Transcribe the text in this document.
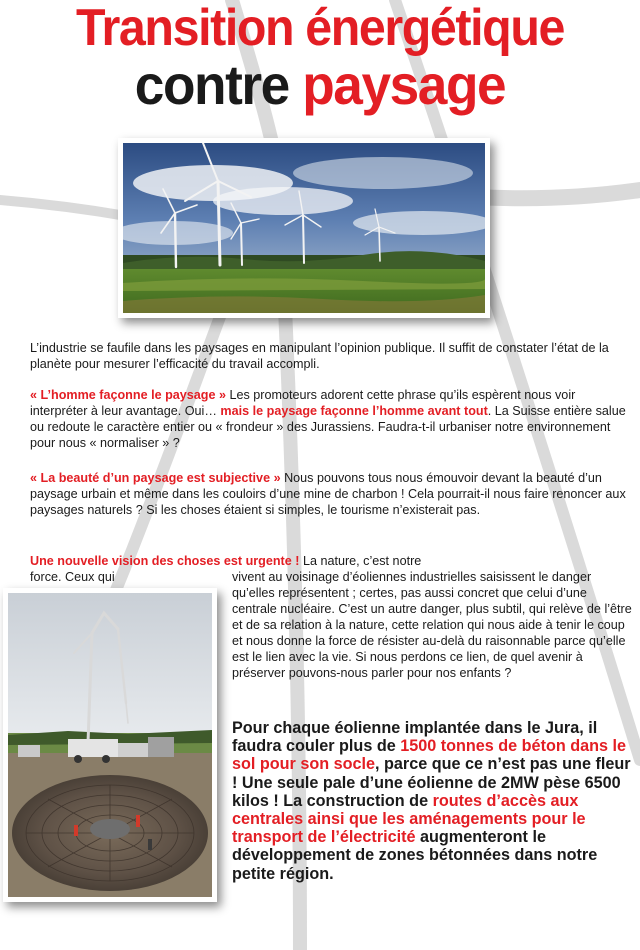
Transition énergétique
contre paysage

L’industrie se faufile dans les paysages en manipulant l’opinion publique. Il suffit de constater l’état de la planète pour mesurer l’efficacité du travail accompli.

« L’homme façonne le paysage » Les promoteurs adorent cette phrase qu’ils espèrent nous voir interpréter à leur avantage. Oui… mais le paysage façonne l’homme avant tout. La Suisse entière salue ou redoute le caractère entier ou « frondeur » des Jurassiens. Faudra-t-il urbaniser notre environnement pour nous « normaliser » ?

« La beauté d’un paysage est subjective » Nous pouvons tous nous émouvoir devant la beauté d’un paysage urbain et même dans les couloirs d’une mine de charbon ! Cela pourrait-il nous faire renoncer aux paysages naturels ? Si les choses étaient si simples, le tourisme n’existerait pas.

Une nouvelle vision des choses est urgente ! La nature, c’est notre force. Ceux qui	vivent au voisinage d’éoliennes industrielles saisissent le danger qu’elles représentent ; certes, pas aussi concret que celui d’une centrale nucléaire. C’est un autre danger, plus subtil, qui relève de l’être et de sa relation à la nature, cette relation qui nous aide à tenir le coup et nous donne la force de résister au-delà du raisonnable parce qu’elle est le lien avec la vie. Si nous perdons ce lien, de quel avenir à préserver pouvons-nous parler pour nos enfants ?

Pour chaque éolienne implantée dans le Jura, il faudra couler plus de 1500 tonnes de béton dans le sol pour son socle, parce que ce n’est pas une fleur ! Une seule pale d’une éolienne de 2MW pèse 6500 kilos ! La construction de routes d’accès aux centrales ainsi que les aménagements pour le transport de l’électricité augmenteront le développement de zones bétonnées dans notre petite région.
